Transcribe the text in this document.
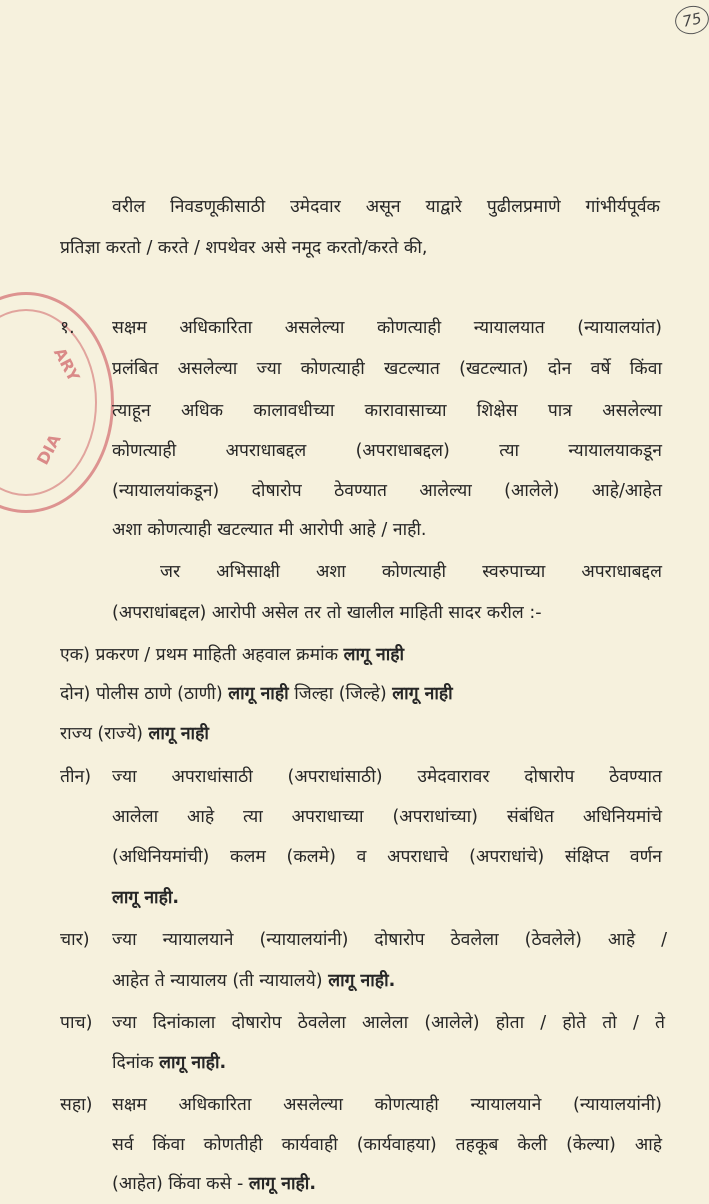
75
ARY
DIA
वरील निवडणूकीसाठी उमेदवार असून याद्वारे पुढीलप्रमाणे गांभीर्यपूर्वक
प्रतिज्ञा करतो / करते / शपथेवर असे नमूद करतो/करते की,
१. सक्षम अधिकारिता असलेल्या कोणत्याही न्यायालयात (न्यायालयांत)
प्रलंबित असलेल्या ज्या कोणत्याही खटल्यात (खटल्यात) दोन वर्षे किंवा
त्याहून अधिक कालावधीच्या कारावासाच्या शिक्षेस पात्र असलेल्या
कोणत्याही अपराधाबद्दल (अपराधाबद्दल) त्या न्यायालयाकडून
(न्यायालयांकडून) दोषारोप ठेवण्यात आलेल्या (आलेले) आहे/आहेत
अशा कोणत्याही खटल्यात मी आरोपी आहे / नाही.
जर अभिसाक्षी अशा कोणत्याही स्वरुपाच्या अपराधाबद्दल
(अपराधांबद्दल) आरोपी असेल तर तो खालील माहिती सादर करील :-
एक) प्रकरण / प्रथम माहिती अहवाल क्रमांक लागू नाही
दोन) पोलीस ठाणे (ठाणी) लागू नाही जिल्हा (जिल्हे) लागू नाही
राज्य (राज्ये) लागू नाही
तीन) ज्या अपराधांसाठी (अपराधांसाठी) उमेदवारावर दोषारोप ठेवण्यात
आलेला आहे त्या अपराधाच्या (अपराधांच्या) संबंधित अधिनियमांचे
(अधिनियमांची) कलम (कलमे) व अपराधाचे (अपराधांचे) संक्षिप्त वर्णन
लागू नाही.
चार) ज्या न्यायालयाने (न्यायालयांनी) दोषारोप ठेवलेला (ठेवलेले) आहे /
आहेत ते न्यायालय (ती न्यायालये) लागू नाही.
पाच) ज्या दिनांकाला दोषारोप ठेवलेला आलेला (आलेले) होता / होते तो / ते
दिनांक लागू नाही.
सहा) सक्षम अधिकारिता असलेल्या कोणत्याही न्यायालयाने (न्यायालयांनी)
सर्व किंवा कोणतीही कार्यवाही (कार्यवाहया) तहकूब केली (केल्या) आहे
(आहेत) किंवा कसे - लागू नाही.
